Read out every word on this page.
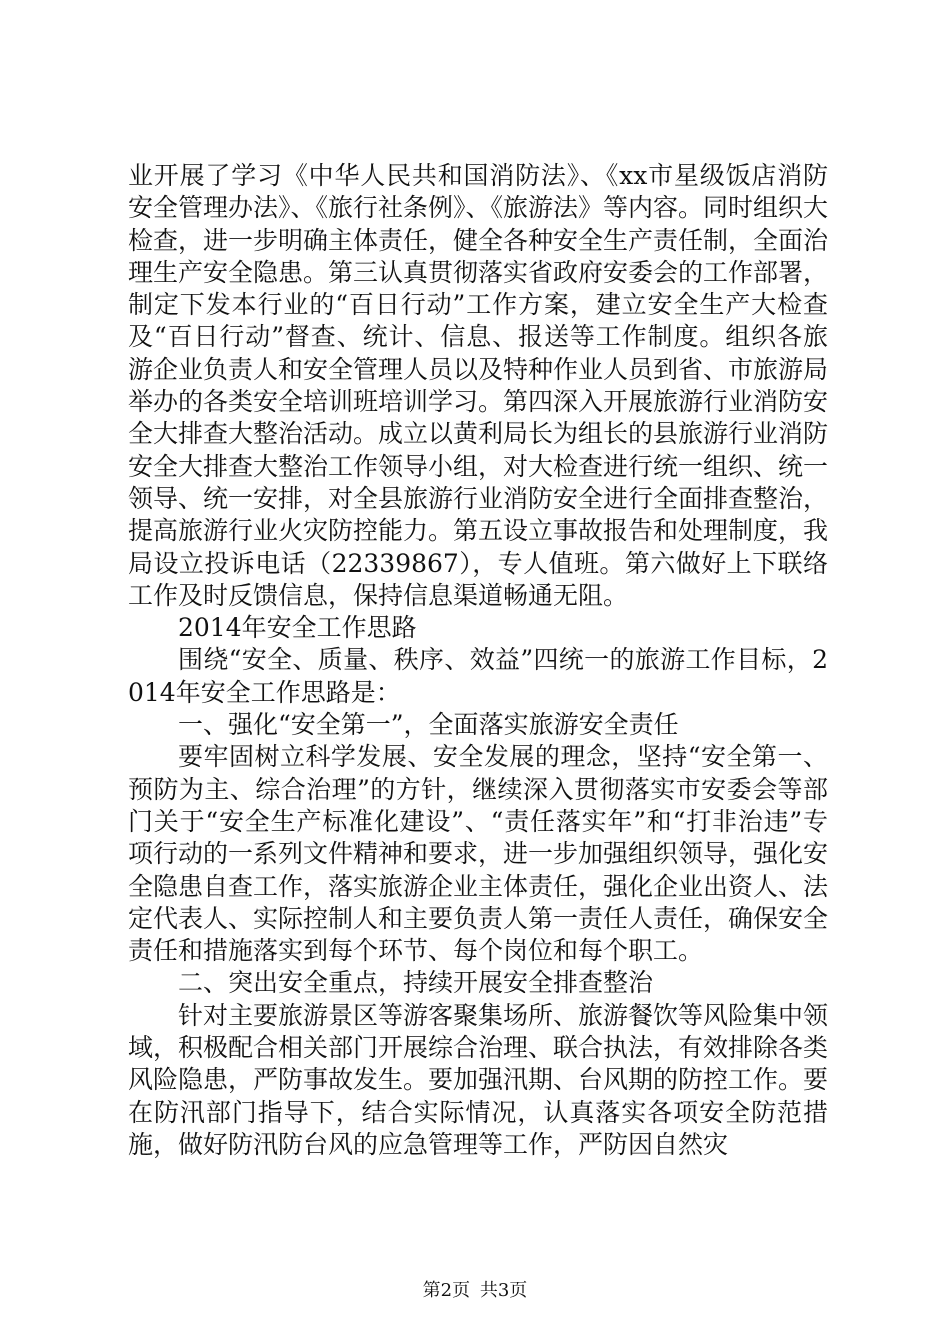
业开展了学习《中华人民共和国消防法》、《xx市星级饭店消防安全管理办法》、《旅行社条例》、《旅游法》等内容。同时组织大检查，进一步明确主体责任，健全各种安全生产责任制，全面治理生产安全隐患。第三认真贯彻落实省政府安委会的工作部署，制定下发本行业的“百日行动”工作方案，建立安全生产大检查及“百日行动”督查、统计、信息、报送等工作制度。组织各旅游企业负责人和安全管理人员以及特种作业人员到省、市旅游局举办的各类安全培训班培训学习。第四深入开展旅游行业消防安全大排查大整治活动。成立以黄利局长为组长的县旅游行业消防安全大排查大整治工作领导小组，对大检查进行统一组织、统一领导、统一安排，对全县旅游行业消防安全进行全面排查整治，提高旅游行业火灾防控能力。第五设立事故报告和处理制度，我局设立投诉电话（22339867），专人值班。第六做好上下联络工作及时反馈信息，保持信息渠道畅通无阻。

2014年安全工作思路

围绕“安全、质量、秩序、效益”四统一的旅游工作目标，2014年安全工作思路是：

一、强化“安全第一”，全面落实旅游安全责任

要牢固树立科学发展、安全发展的理念，坚持“安全第一、预防为主、综合治理”的方针，继续深入贯彻落实市安委会等部门关于“安全生产标准化建设”、“责任落实年”和“打非治违”专项行动的一系列文件精神和要求，进一步加强组织领导，强化安全隐患自查工作，落实旅游企业主体责任，强化企业出资人、法定代表人、实际控制人和主要负责人第一责任人责任，确保安全责任和措施落实到每个环节、每个岗位和每个职工。

二、突出安全重点，持续开展安全排查整治

针对主要旅游景区等游客聚集场所、旅游餐饮等风险集中领域，积极配合相关部门开展综合治理、联合执法，有效排除各类风险隐患，严防事故发生。要加强汛期、台风期的防控工作。要在防汛部门指导下，结合实际情况，认真落实各项安全防范措施，做好防汛防台风的应急管理等工作，严防因自然灾

第2页 共3页
